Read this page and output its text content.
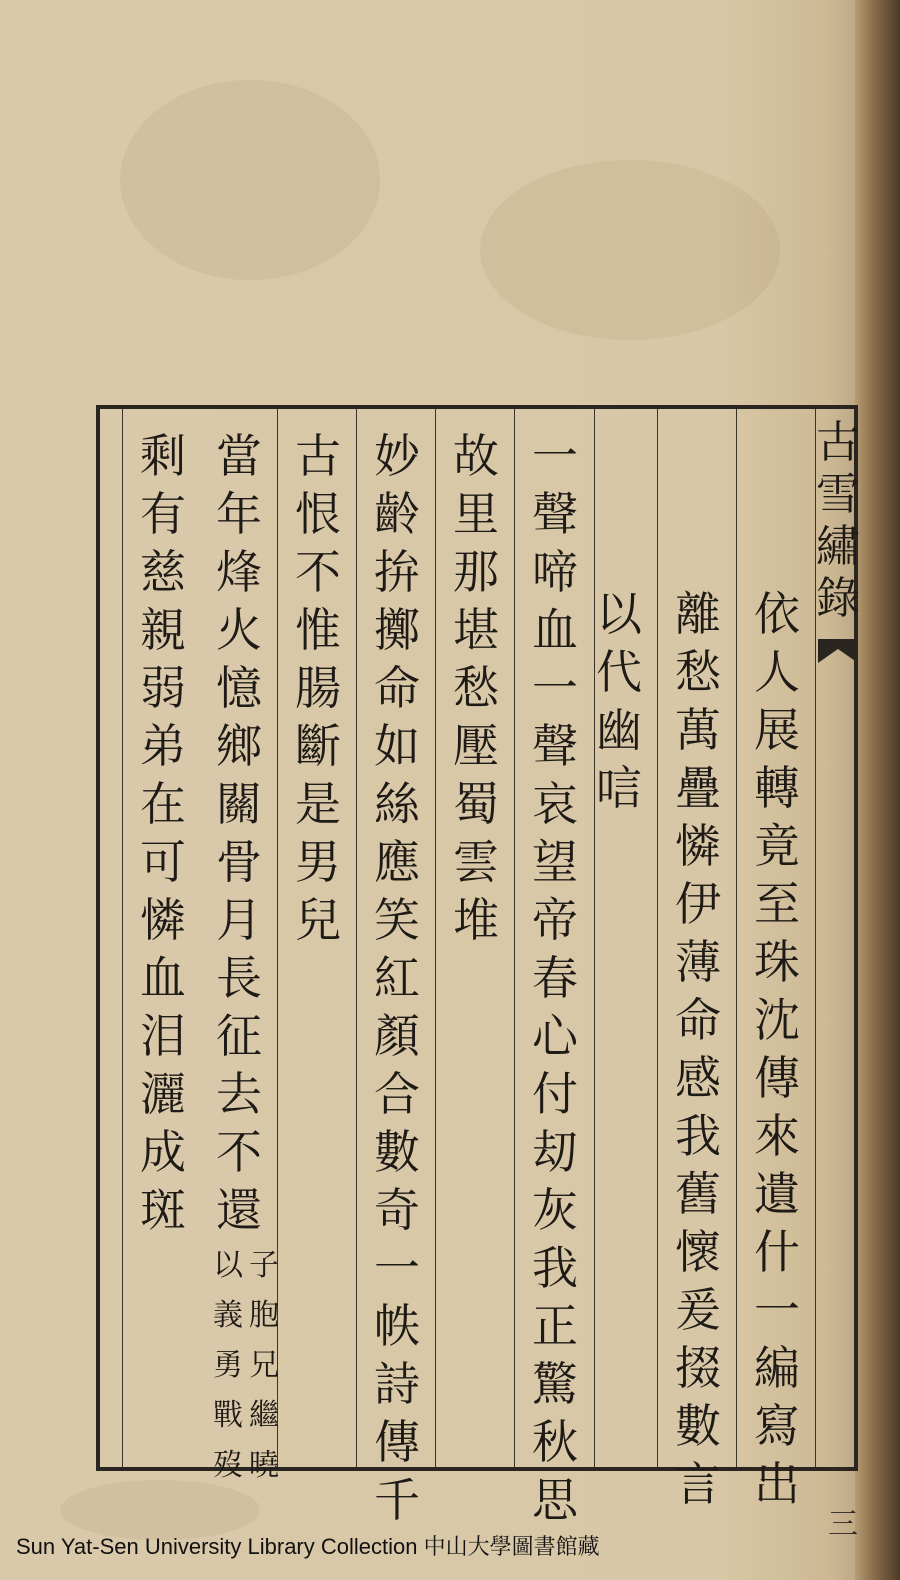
古
雪
繡
錄
三
依
人
展
轉
竟
至
珠
沈
傳
來
遺
什
一
編
寫
出
離
愁
萬
疊
憐
伊
薄
命
感
我
舊
懷
爰
掇
數
言
以
代
幽
唁
一
聲
啼
血
一
聲
哀
望
帝
春
心
付
刧
灰
我
正
驚
秋
思
故
里
那
堪
愁
壓
蜀
雲
堆
妙
齡
拚
擲
命
如
絲
應
笑
紅
顏
合
數
奇
一
帙
詩
傳
千
古
恨
不
惟
腸
斷
是
男
兒
當
年
烽
火
憶
鄉
關
骨
月
長
征
去
不
還
剩
有
慈
親
弱
弟
在
可
憐
血
泪
灑
成
斑
子
胞
兄
繼
曉
以
義
勇
戰
歿
Sun Yat-Sen University Library Collection 中山大學圖書館藏
